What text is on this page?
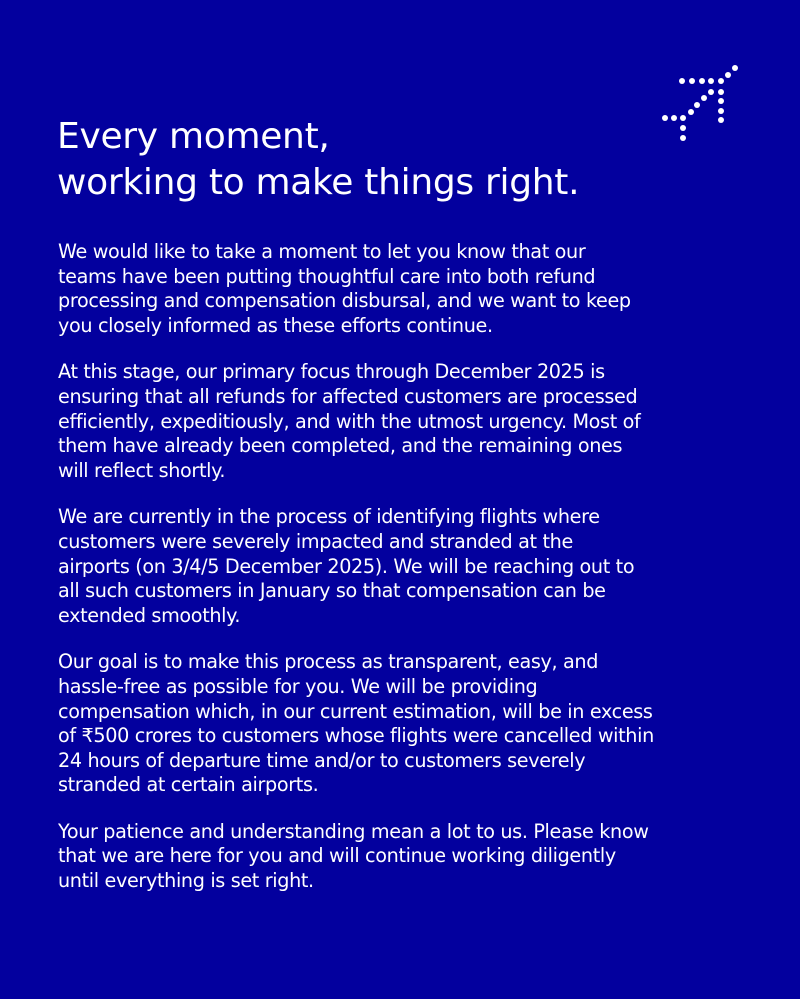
Every moment,
working to make things right.

We would like to take a moment to let you know that our
teams have been putting thoughtful care into both refund
processing and compensation disbursal, and we want to keep
you closely informed as these efforts continue.

At this stage, our primary focus through December 2025 is
ensuring that all refunds for affected customers are processed
efficiently, expeditiously, and with the utmost urgency. Most of
them have already been completed, and the remaining ones
will reflect shortly.

We are currently in the process of identifying flights where
customers were severely impacted and stranded at the
airports (on 3/4/5 December 2025). We will be reaching out to
all such customers in January so that compensation can be
extended smoothly.

Our goal is to make this process as transparent, easy, and
hassle-free as possible for you. We will be providing
compensation which, in our current estimation, will be in excess
of ₹500 crores to customers whose flights were cancelled within
24 hours of departure time and/or to customers severely
stranded at certain airports.

Your patience and understanding mean a lot to us. Please know
that we are here for you and will continue working diligently
until everything is set right.
